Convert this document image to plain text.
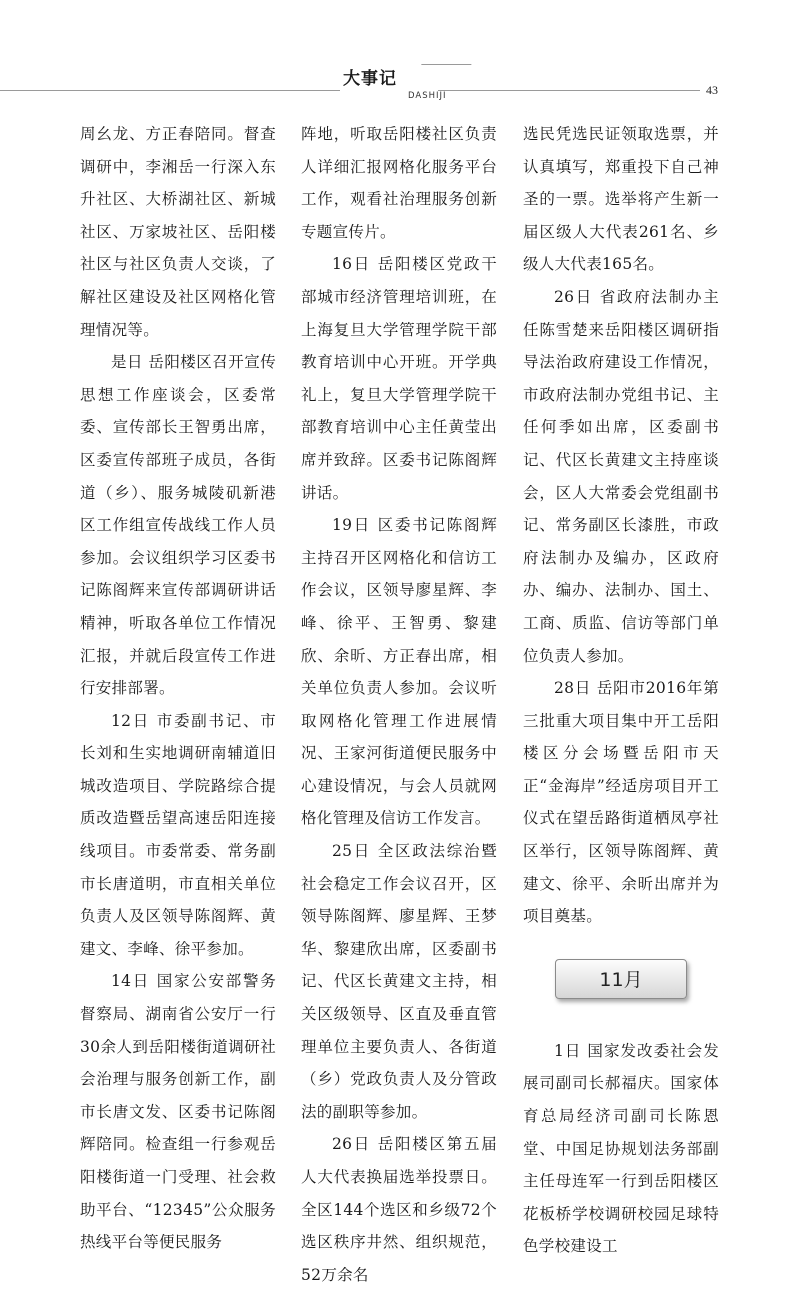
大事记
DASHIJI	43

周幺龙、方正春陪同。督查调研中，李湘岳一行深入东升社区、大桥湖社区、新城社区、万家坡社区、岳阳楼社区与社区负责人交谈，了解社区建设及社区网格化管理情况等。

是日 岳阳楼区召开宣传思想工作座谈会，区委常委、宣传部长王智勇出席，区委宣传部班子成员，各街道（乡）、服务城陵矶新港区工作组宣传战线工作人员参加。会议组织学习区委书记陈阁辉来宣传部调研讲话精神，听取各单位工作情况汇报，并就后段宣传工作进行安排部署。

12日 市委副书记、市长刘和生实地调研南辅道旧城改造项目、学院路综合提质改造暨岳望高速岳阳连接线项目。市委常委、常务副市长唐道明，市直相关单位负责人及区领导陈阁辉、黄建文、李峰、徐平参加。

14日 国家公安部警务督察局、湖南省公安厅一行30余人到岳阳楼街道调研社会治理与服务创新工作，副市长唐文发、区委书记陈阁辉陪同。检查组一行参观岳阳楼街道一门受理、社会救助平台、“12345”公众服务热线平台等便民服务

阵地，听取岳阳楼社区负责人详细汇报网格化服务平台工作，观看社治理服务创新专题宣传片。

16日 岳阳楼区党政干部城市经济管理培训班，在上海复旦大学管理学院干部教育培训中心开班。开学典礼上，复旦大学管理学院干部教育培训中心主任黄莹出席并致辞。区委书记陈阁辉讲话。

19日 区委书记陈阁辉主持召开区网格化和信访工作会议，区领导廖星辉、李峰、徐平、王智勇、黎建欣、余昕、方正春出席，相关单位负责人参加。会议听取网格化管理工作进展情况、王家河街道便民服务中心建设情况，与会人员就网格化管理及信访工作发言。

25日 全区政法综治暨社会稳定工作会议召开，区领导陈阁辉、廖星辉、王梦华、黎建欣出席，区委副书记、代区长黄建文主持，相关区级领导、区直及垂直管理单位主要负责人、各街道（乡）党政负责人及分管政法的副职等参加。

26日 岳阳楼区第五届人大代表换届选举投票日。全区144个选区和乡级72个选区秩序井然、组织规范，52万余名

选民凭选民证领取选票，并认真填写，郑重投下自己神圣的一票。选举将产生新一届区级人大代表261名、乡级人大代表165名。

26日 省政府法制办主任陈雪楚来岳阳楼区调研指导法治政府建设工作情况，市政府法制办党组书记、主任何季如出席，区委副书记、代区长黄建文主持座谈会，区人大常委会党组副书记、常务副区长漆胜，市政府法制办及编办，区政府办、编办、法制办、国土、工商、质监、信访等部门单位负责人参加。

28日 岳阳市2016年第三批重大项目集中开工岳阳楼区分会场暨岳阳市天正“金海岸”经适房项目开工仪式在望岳路街道栖凤亭社区举行，区领导陈阁辉、黄建文、徐平、余昕出席并为项目奠基。

11月

1日 国家发改委社会发展司副司长郝福庆。国家体育总局经济司副司长陈恩堂、中国足协规划法务部副主任母连军一行到岳阳楼区花板桥学校调研校园足球特色学校建设工
